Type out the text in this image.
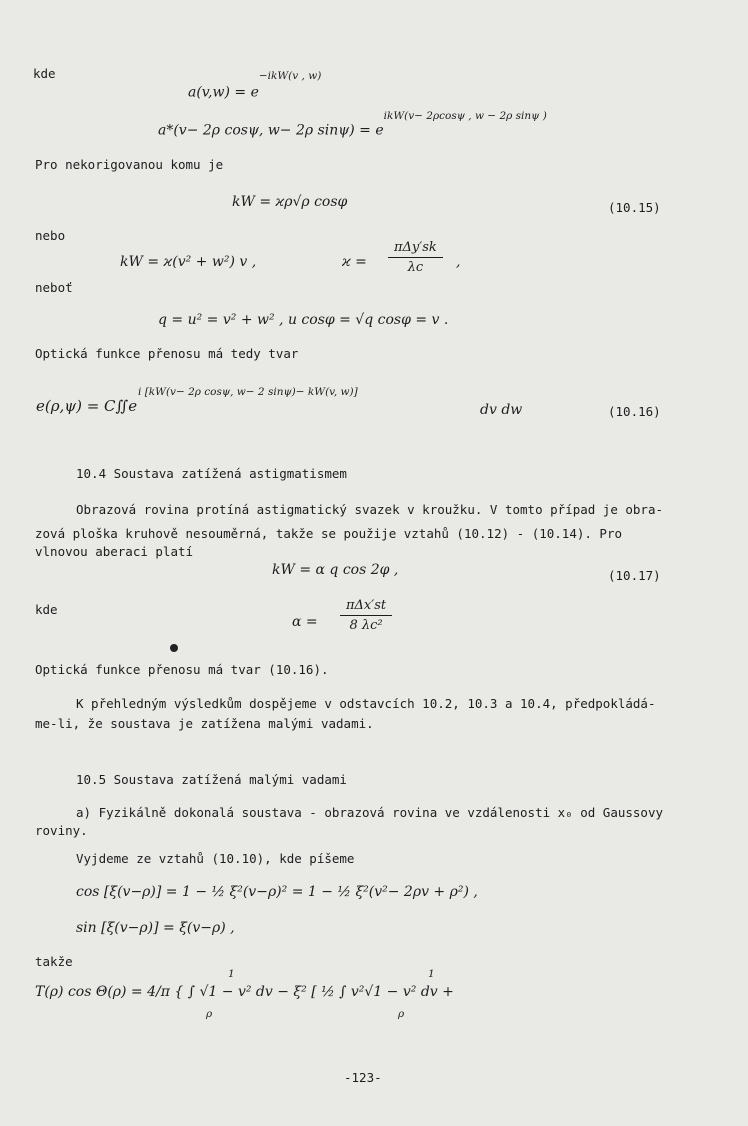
kde
$a(v,w) = e^{-ikW(v , w)}$
a*(v− 2ρ cosψ, w− 2ρ $\sin\psi) = e^{ikW(v- 2\rho cos\psi , w - 2\rho sin\psi )}$
Pro nekorigovanou komu je
kW = ϰρ√ρ cosφ	(10.15)
nebo
kW = ϰ(v² + w²) v ,	ϰ =
πΔy′sk
λc ,
neboť
q = u² = v² + w² , u cosφ = √q cosφ = v .
Optická funkce přenosu má tedy tvar
e(ρ,ψ) = C∬e
i [kW(v− 2ρ cosψ, w− 2 sinψ)− kW(v, w)]
dv dw	(10.16)
10.4 Soustava zatížená astigmatismem
Obrazová rovina protíná astigmatický svazek v kroužku. V tomto případ je obra-
zová ploška kruhově nesouměrná, takže se použije vztahů (10.12) - (10.14). Pro
vlnovou aberaci platí
kW = α q cos 2φ ,	(10.17)
kde
α =
πΔx′st
8 λc²
Optická funkce přenosu má tvar (10.16).
K přehledným výsledkům dospějeme v odstavcích 10.2, 10.3 a 10.4, předpokládá-
me-li, že soustava je zatížena malými vadami.
10.5 Soustava zatížená malými vadami
a) Fyzikálně dokonalá soustava - obrazová rovina ve vzdálenosti x₀ od Gaussovy
roviny.
Vyjdeme ze vztahů (10.10), kde píšeme
cos [ξ(v−ρ)] = 1 − ½ ξ²(v−ρ)² = 1 − ½ ξ²(v²− 2ρv + ρ²) ,
sin [ξ(v−ρ)] = ξ(v−ρ) ,
takže
T(ρ) cos Θ(ρ) = 4/π { ∫ √1 − v² dv − ξ² [ ½ ∫ v²√1 − v² dv +
1
ρ
1
ρ
-123-
